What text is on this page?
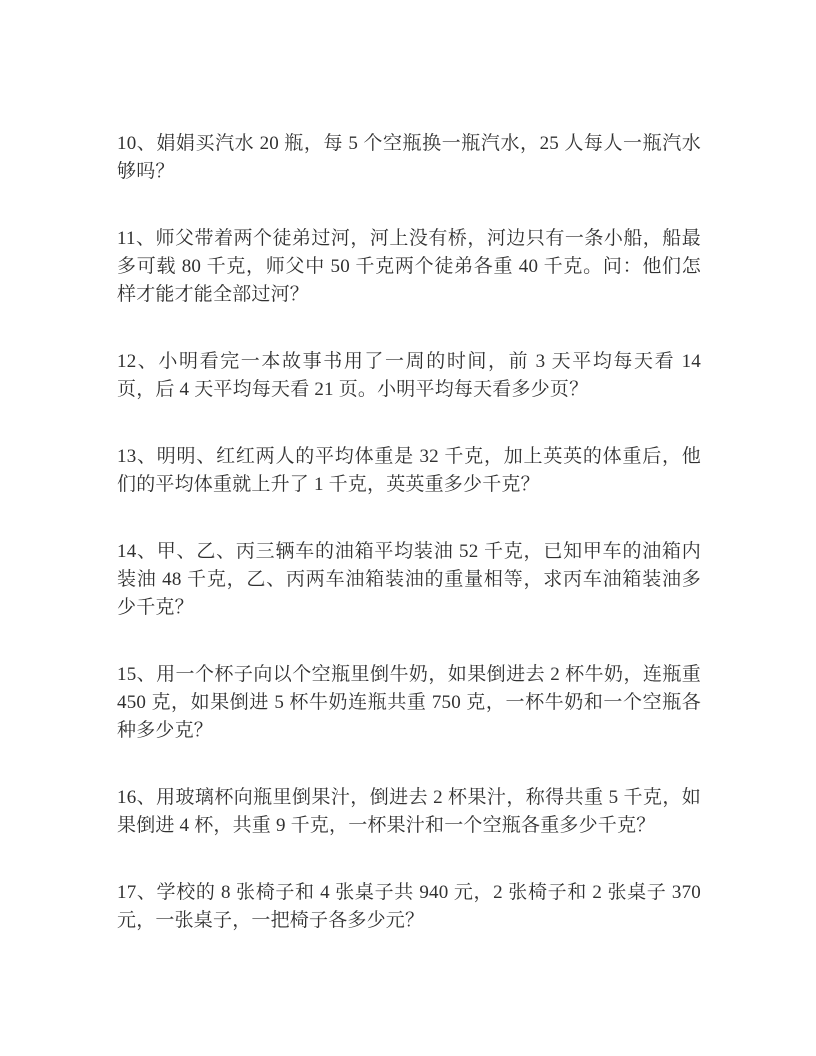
10、娟娟买汽水 20 瓶，每 5 个空瓶换一瓶汽水，25 人每人一瓶汽水够吗？

11、师父带着两个徒弟过河，河上没有桥，河边只有一条小船，船最多可载 80 千克，师父中 50 千克两个徒弟各重 40 千克。问：他们怎样才能才能全部过河？

12、小明看完一本故事书用了一周的时间，前 3 天平均每天看 14 页，后 4 天平均每天看 21 页。小明平均每天看多少页？

13、明明、红红两人的平均体重是 32 千克，加上英英的体重后，他们的平均体重就上升了 1 千克，英英重多少千克？

14、甲、乙、丙三辆车的油箱平均装油 52 千克，已知甲车的油箱内装油 48 千克，乙、丙两车油箱装油的重量相等，求丙车油箱装油多少千克？

15、用一个杯子向以个空瓶里倒牛奶，如果倒进去 2 杯牛奶，连瓶重 450 克，如果倒进 5 杯牛奶连瓶共重 750 克，一杯牛奶和一个空瓶各种多少克？

16、用玻璃杯向瓶里倒果汁，倒进去 2 杯果汁，称得共重 5 千克，如果倒进 4 杯，共重 9 千克，一杯果汁和一个空瓶各重多少千克？

17、学校的 8 张椅子和 4 张桌子共 940 元，2 张椅子和 2 张桌子 370 元，一张桌子，一把椅子各多少元？
